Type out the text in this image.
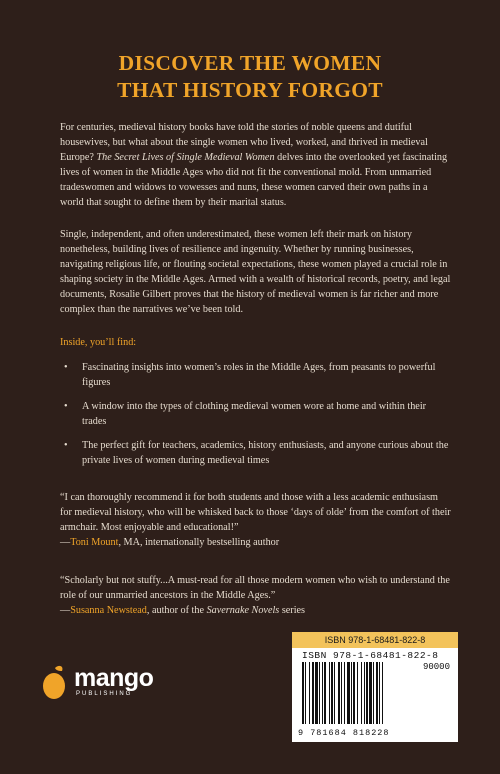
DISCOVER THE WOMEN
THAT HISTORY FORGOT
For centuries, medieval history books have told the stories of noble queens and dutiful housewives, but what about the single women who lived, worked, and thrived in medieval Europe? The Secret Lives of Single Medieval Women delves into the overlooked yet fascinating lives of women in the Middle Ages who did not fit the conventional mold. From unmarried tradeswomen and widows to vowesses and nuns, these women carved their own paths in a world that sought to define them by their marital status.
Single, independent, and often underestimated, these women left their mark on history nonetheless, building lives of resilience and ingenuity. Whether by running businesses, navigating religious life, or flouting societal expectations, these women played a crucial role in shaping society in the Middle Ages. Armed with a wealth of historical records, poetry, and legal documents, Rosalie Gilbert proves that the history of medieval women is far richer and more complex than the narratives we’ve been told.
Inside, you’ll find:
• Fascinating insights into women’s roles in the Middle Ages, from peasants to powerful figures
• A window into the types of clothing medieval women wore at home and within their trades
• The perfect gift for teachers, academics, history enthusiasts, and anyone curious about the private lives of women during medieval times
“I can thoroughly recommend it for both students and those with a less academic enthusiasm for medieval history, who will be whisked back to those ‘days of olde’ from the comfort of their armchair. Most enjoyable and educational!”
—Toni Mount, MA, internationally bestselling author
“Scholarly but not stuffy...A must-read for all those modern women who wish to understand the role of our unmarried ancestors in the Middle Ages.”
—Susanna Newstead, author of the Savernake Novels series
mango
PUBLISHING
ISBN 978-1-68481-822-8
ISBN 978-1-68481-822-8
90000
9 781684 818228
